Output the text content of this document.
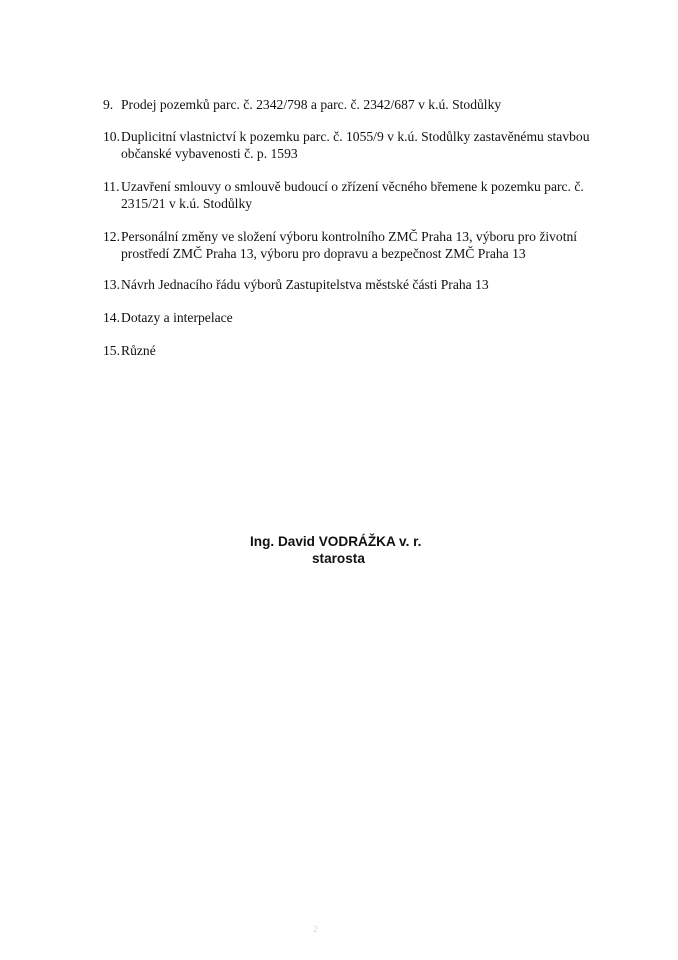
9. Prodej pozemků parc. č. 2342/798 a parc. č. 2342/687 v k.ú. Stodůlky
10. Duplicitní vlastnictví k pozemku parc. č. 1055/9 v k.ú. Stodůlky zastavěnému stavbou občanské vybavenosti č. p. 1593
11. Uzavření smlouvy o smlouvě budoucí o zřízení věcného břemene k pozemku parc. č. 2315/21 v k.ú. Stodůlky
12. Personální změny ve složení výboru kontrolního ZMČ Praha 13, výboru pro životní prostředí ZMČ Praha 13, výboru pro dopravu a bezpečnost ZMČ Praha 13
13. Návrh Jednacího řádu výborů Zastupitelstva městské části Praha 13
14. Dotazy a interpelace
15. Různé
Ing. David VODRÁŽKA v. r.
starosta
2
